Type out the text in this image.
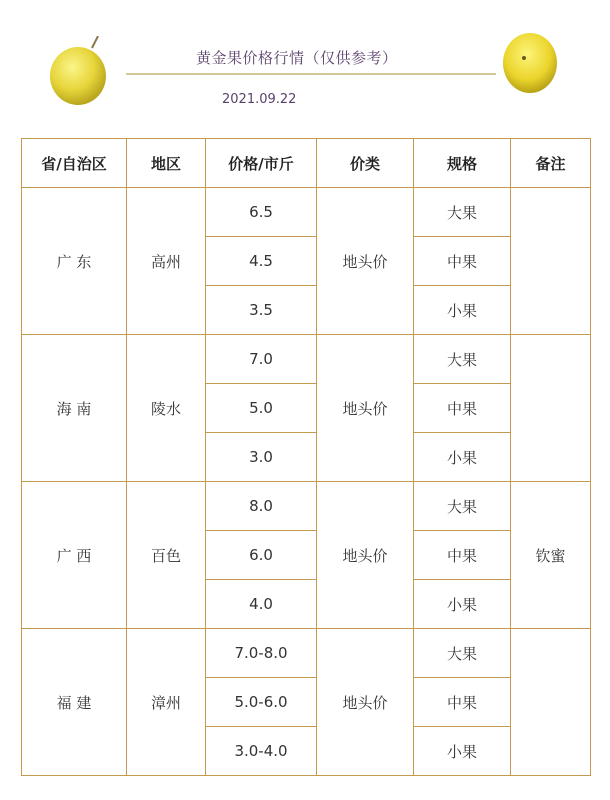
黄金果价格行情（仅供参考）
2021.09.22
省/自治区	地区	价格/市斤	价类	规格	备注
广 东	高州	6.5	地头价	大果	
		4.5		中果	
		3.5		小果	
海 南	陵水	7.0	地头价	大果	
		5.0		中果	
		3.0		小果	
广 西	百色	8.0	地头价	大果	钦蜜
		6.0		中果	
		4.0		小果	
福 建	漳州	7.0-8.0	地头价	大果	
		5.0-6.0		中果	
		3.0-4.0		小果	
